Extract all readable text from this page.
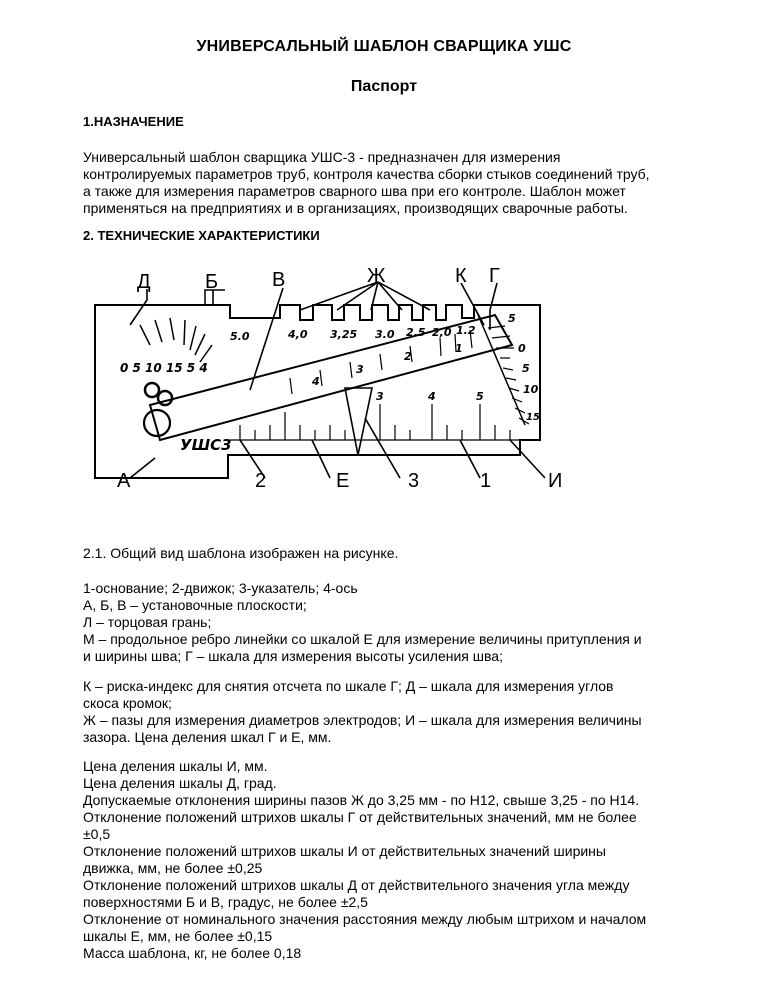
УНИВЕРСАЛЬНЫЙ ШАБЛОН СВАРЩИКА УШС
Паспорт
1.НАЗНАЧЕНИЕ
Универсальный шаблон сварщика УШС-3 - предназначен для измерения
контролируемых параметров труб, контроля качества сборки стыков соединений труб,
а также для измерения параметров сварного шва при его контроле. Шаблон может
применяться на предприятиях и в организациях, производящих сварочные работы.
2. ТЕХНИЧЕСКИЕ ХАРАКТЕРИСТИКИ
0 5 10 15 5 4
Д	Б	В	Ж	К Г
А	Е	И
2	3	1
УШС3
5.0	4,0 3,25 3.0 2.5 2,0 1.2
5
0
5
10
15
1
2
3
4
3	4	5
2.1. Общий вид шаблона изображен на рисунке.
1-основание; 2-движок; 3-указатель; 4-ось
А, Б, В – установочные плоскости;
Л – торцовая грань;
М – продольное ребро линейки со шкалой Е для измерение величины притупления и
и ширины шва; Г – шкала для измерения высоты усиления шва;
К – риска-индекс для снятия отсчета по шкале Г; Д – шкала для измерения углов
скоса кромок;
Ж – пазы для измерения диаметров электродов; И – шкала для измерения величины
зазора. Цена деления шкал Г и Е, мм.
Цена деления шкалы И, мм.
Цена деления шкалы Д, град.
Допускаемые отклонения ширины пазов Ж до 3,25 мм - по Н12, свыше 3,25 - по Н14.
Отклонение положений штрихов шкалы Г от действительных значений, мм не более
±0,5
Отклонение положений штрихов шкалы И от действительных значений ширины
движка, мм, не более ±0,25
Отклонение положений штрихов шкалы Д от действительного значения угла между
поверхностями Б и В, градус, не более ±2,5
Отклонение от номинального значения расстояния между любым штрихом и началом
шкалы Е, мм, не более ±0,15
Масса шаблона, кг, не более 0,18
